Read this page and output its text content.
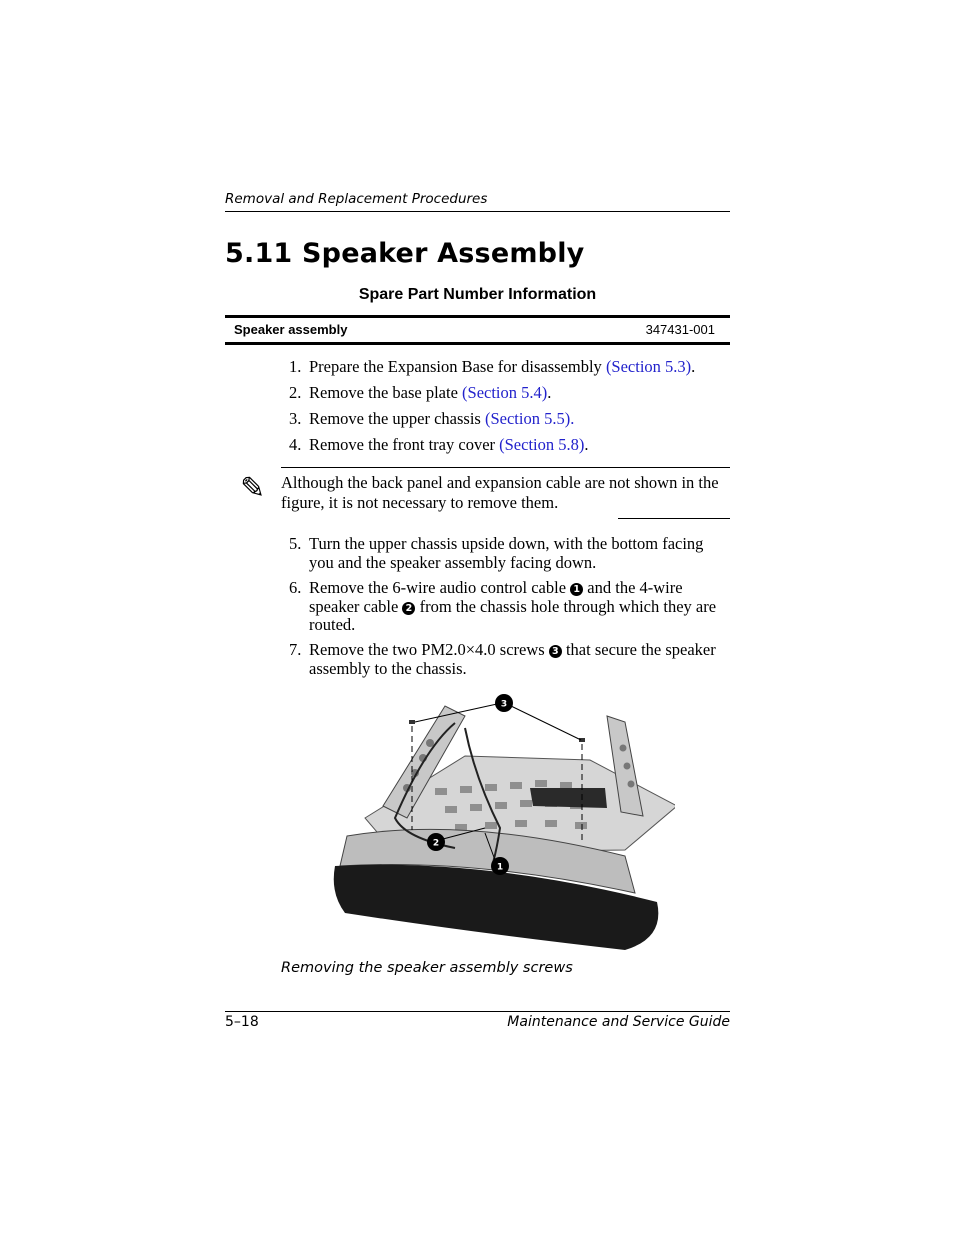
Removal and Replacement Procedures
5.11 Speaker Assembly
Spare Part Number Information
Speaker assembly	347431-001
1. Prepare the Expansion Base for disassembly (Section 5.3).
2. Remove the base plate (Section 5.4).
3. Remove the upper chassis (Section 5.5).
4. Remove the front tray cover (Section 5.8).
✎ Although the back panel and expansion cable are not shown in the figure, it is not necessary to remove them.
5. Turn the upper chassis upside down, with the bottom facing you and the speaker assembly facing down.
6. Remove the 6-wire audio control cable 1 and the 4-wire speaker cable 2 from the chassis hole through which they are routed.
7. Remove the two PM2.0×4.0 screws 3 that secure the speaker assembly to the chassis.
3
2
1
Removing the speaker assembly screws
5–18	Maintenance and Service Guide
